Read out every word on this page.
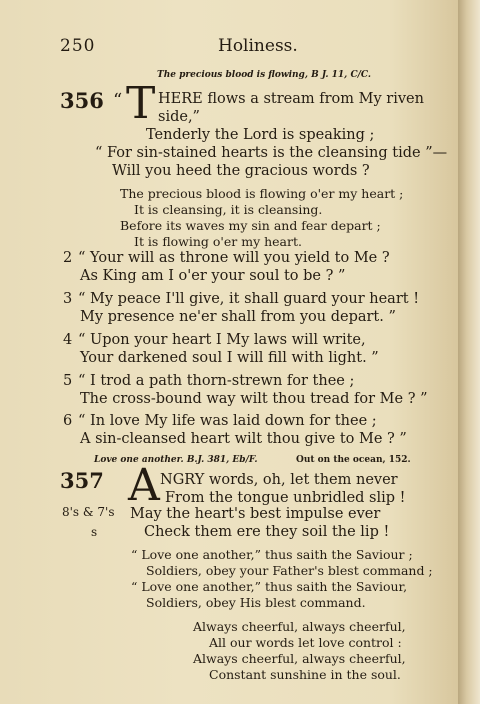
250	Holiness.
The precious blood is flowing, B J. 11, C/C.
356 “ T HERE flows a stream from My riven
side,”
Tenderly the Lord is speaking ;
“ For sin-stained hearts is the cleansing tide ”—
Will you heed the gracious words ?
The precious blood is flowing o'er my heart ;
It is cleansing, it is cleansing.
Before its waves my sin and fear depart ;
It is flowing o'er my heart.
2 “ Your will as throne will you yield to Me ?
As King am I o'er your soul to be ? ”
3 “ My peace I'll give, it shall guard your heart !
My presence ne'er shall from you depart. ”
4 “ Upon your heart I My laws will write,
Your darkened soul I will fill with light. ”
5 “ I trod a path thorn-strewn for thee ;
The cross-bound way wilt thou tread for Me ? ”
6 “ In love My life was laid down for thee ;
A sin-cleansed heart wilt thou give to Me ? ”
Love one another. B.J. 381, Eb/F.	Out on the ocean, 152.
357 A NGRY words, oh, let them never
From the tongue unbridled slip !
8's & 7's May the heart's best impulse ever
s	Check them ere they soil the lip !
“ Love one another,” thus saith the Saviour ;
Soldiers, obey your Father's blest command ;
“ Love one another,” thus saith the Saviour,
Soldiers, obey His blest command.
Always cheerful, always cheerful,
All our words let love control :
Always cheerful, always cheerful,
Constant sunshine in the soul.
